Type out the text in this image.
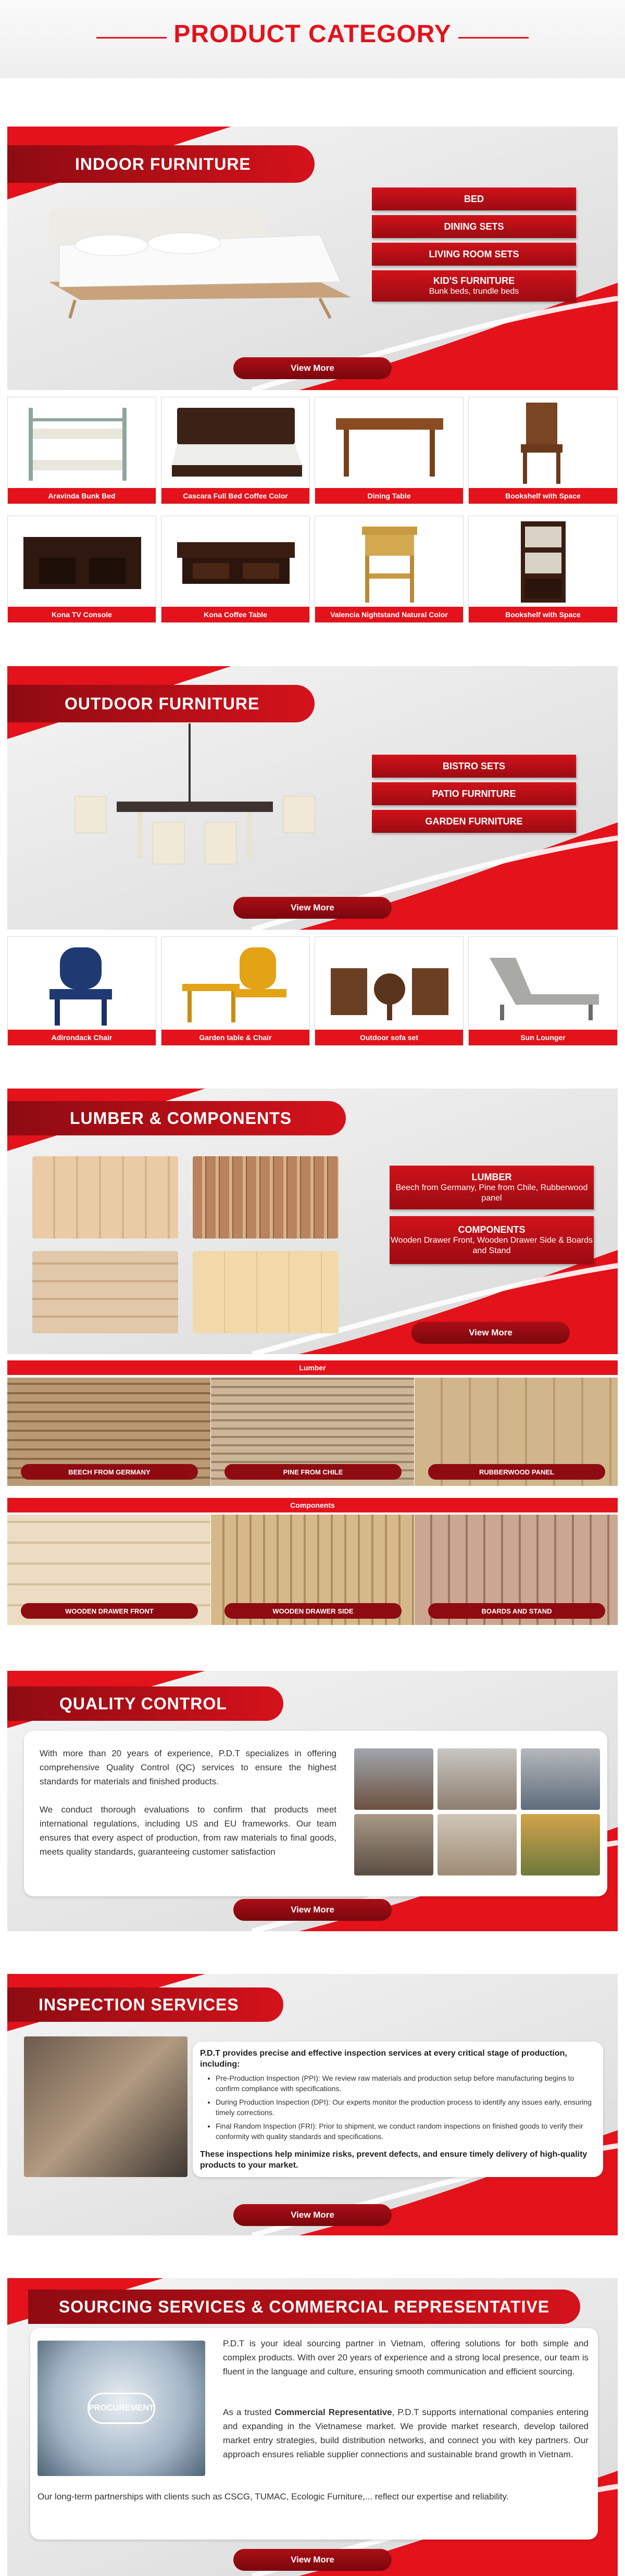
PRODUCT CATEGORY
INDOOR FURNITURE
BED
DINING SETS
LIVING ROOM SETS
KID'S FURNITURE
Bunk beds, trundle beds
View More
Aravinda Bunk Bed	Cascara Full Bed Coffee Color	Dining Table	Bookshelf with Space
Kona TV Console	Kona Coffee Table	Valencia Nightstand Natural Color	Bookshelf with Space
OUTDOOR FURNITURE
BISTRO SETS
PATIO FURNITURE
GARDEN FURNITURE
View More
Adirondack Chair	Garden table & Chair	Outdoor sofa set	Sun Lounger
LUMBER & COMPONENTS
LUMBER
Beech from Germany, Pine from Chile, Rubberwood panel
COMPONENTS
Wooden Drawer Front, Wooden Drawer Side & Boards and Stand
View More
Lumber
BEECH FROM GERMANY	PINE FROM CHILE	RUBBERWOOD PANEL
Components
WOODEN DRAWER FRONT	WOODEN DRAWER SIDE	BOARDS AND STAND
QUALITY CONTROL

With more than 20 years of experience, P.D.T specializes in offering comprehensive Quality Control (QC) services to ensure the highest standards for materials and finished products.

We conduct thorough evaluations to confirm that products meet international regulations, including US and EU frameworks. Our team ensures that every aspect of production, from raw materials to final goods, meets quality standards, guaranteeing customer satisfaction

View More
INSPECTION SERVICES

P.D.T provides precise and effective inspection services at every critical stage of production, including:

• Pre-Production Inspection (PPI): We review raw materials and production setup before manufacturing begins to confirm compliance with specifications.
• During Production Inspection (DPI): Our experts monitor the production process to identify any issues early, ensuring timely corrections.
• Final Random Inspection (FRI): Prior to shipment, we conduct random inspections on finished goods to verify their conformity with quality standards and specifications.

These inspections help minimize risks, prevent defects, and ensure timely delivery of high-quality products to your market.

View More
SOURCING SERVICES & COMMERCIAL REPRESENTATIVE
PROCUREMENT

P.D.T is your ideal sourcing partner in Vietnam, offering solutions for both simple and complex products. With over 20 years of experience and a strong local presence, our team is fluent in the language and culture, ensuring smooth communication and efficient sourcing.

As a trusted Commercial Representative, P.D.T supports international companies entering and expanding in the Vietnamese market. We provide market research, develop tailored market entry strategies, build distribution networks, and connect you with key partners. Our approach ensures reliable supplier connections and sustainable brand growth in Vietnam.

Our long-term partnerships with clients such as CSCG, TUMAC, Ecologic Furniture,... reflect our expertise and reliability.

View More
